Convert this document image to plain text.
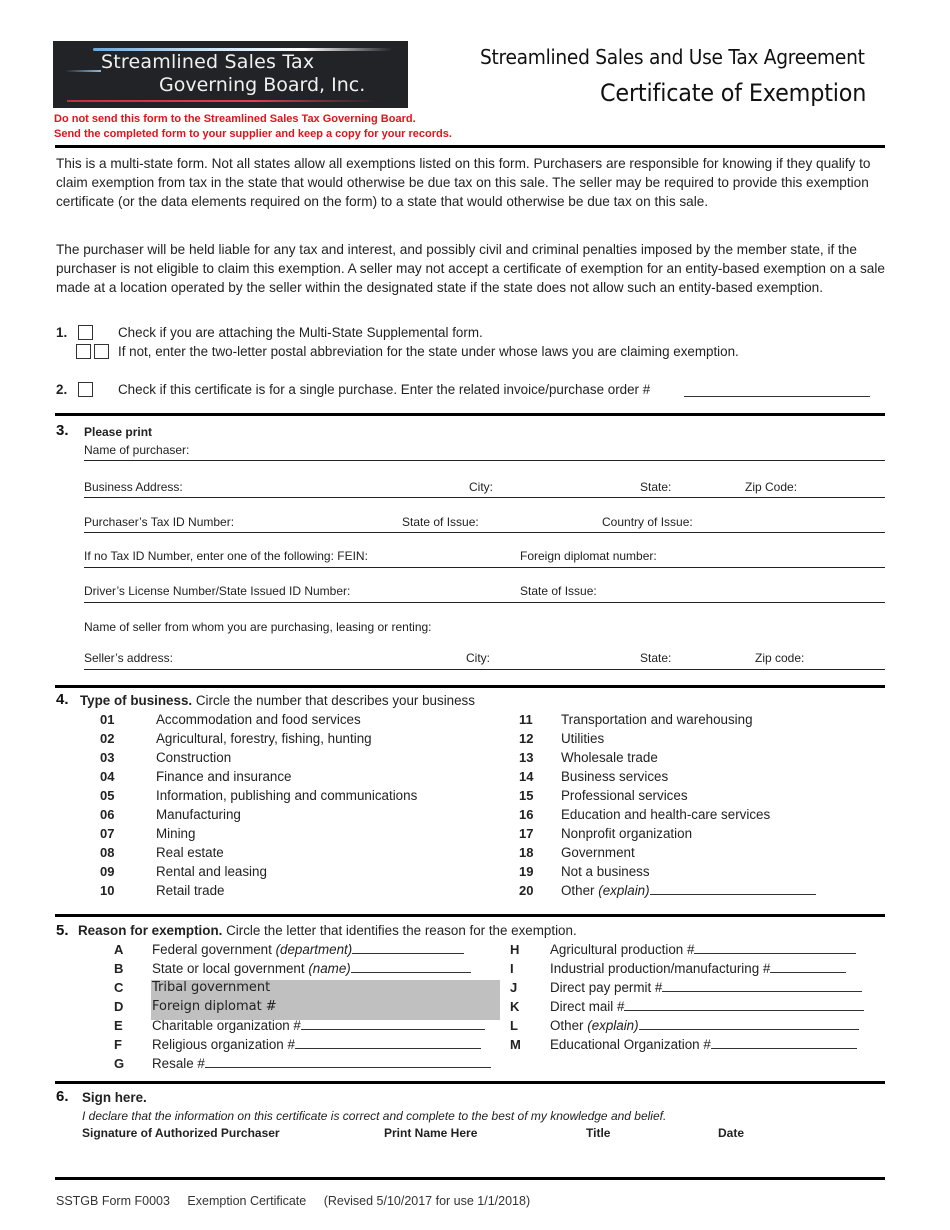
Streamlined Sales Tax
Governing Board, Inc.
Do not send this form to the Streamlined Sales Tax Governing Board.
Send the completed form to your supplier and keep a copy for your records.
Streamlined Sales and Use Tax Agreement
Certificate of Exemption
This is a multi-state form. Not all states allow all exemptions listed on this form. Purchasers are responsible for knowing if they qualify to claim exemption from tax in the state that would otherwise be due tax on this sale. The seller may be required to provide this exemption certificate (or the data elements required on the form) to a state that would otherwise be due tax on this sale.
The purchaser will be held liable for any tax and interest, and possibly civil and criminal penalties imposed by the member state, if the purchaser is not eligible to claim this exemption. A seller may not accept a certificate of exemption for an entity-based exemption on a sale made at a location operated by the seller within the designated state if the state does not allow such an entity-based exemption.
1.	Check if you are attaching the Multi-State Supplemental form.
If not, enter the two-letter postal abbreviation for the state under whose laws you are claiming exemption.
2.	Check if this certificate is for a single purchase. Enter the related invoice/purchase order #
3. Please print
Name of purchaser:
Business Address:	City:	State:	Zip Code:
Purchaser’s Tax ID Number:	State of Issue:	Country of Issue:
If no Tax ID Number, enter one of the following: FEIN:	Foreign diplomat number:
Driver’s License Number/State Issued ID Number:	State of Issue:
Name of seller from whom you are purchasing, leasing or renting:
Seller’s address:	City:	State:	Zip code:
4. Type of business. Circle the number that describes your business
01	Accommodation and food services
02	Agricultural, forestry, fishing, hunting
03	Construction
04	Finance and insurance
05	Information, publishing and communications
06	Manufacturing
07	Mining
08	Real estate
09	Rental and leasing
10	Retail trade
11 Transportation and warehousing
12 Utilities
13 Wholesale trade
14 Business services
15 Professional services
16 Education and health-care services
17 Nonprofit organization
18 Government
19 Not a business
20 Other (explain)
5. Reason for exemption. Circle the letter that identifies the reason for the exemption.
A Federal government (department)
B State or local government (name)
C Tribal government
D Foreign diplomat #
E Charitable organization #
F Religious organization #
G Resale #
H Agricultural production #
I	Industrial production/manufacturing #
J Direct pay permit #
K Direct mail #
L Other (explain)
M Educational Organization #
6. Sign here.
I declare that the information on this certificate is correct and complete to the best of my knowledge and belief.
Signature of Authorized Purchaser	Print Name Here	Title	Date
SSTGB Form F0003 Exemption Certificate (Revised 5/10/2017 for use 1/1/2018)
